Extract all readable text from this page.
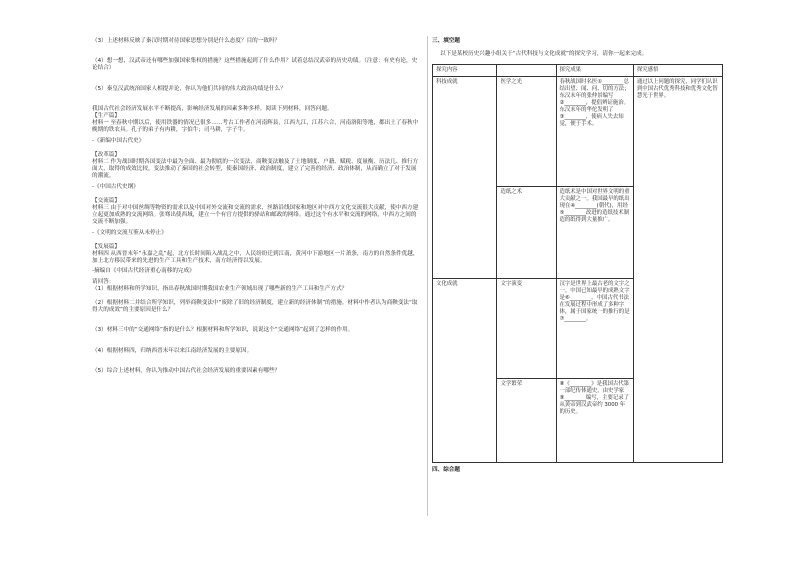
（3）上述材料反映了秦汉时期对待国家思想分别是什么态度？目的一致吗？

（4）想一想，汉武帝还有哪些加强国家集权的措施？这些措施起到了什么作用？试着总结汉武帝的历史功绩。（注意：有史有论，史论结合）

（5）秦皇汉武统治国家人相提并论，你认为他们共同的伟大政治功绩是什么？

我国古代社会经济发展水平不断提高，影响经济发展的因素多种多样。阅读下列材料，回答问题。

【生产篇】

材料一 至春秋中期以后，使用铁器的情况已很多……考古工作者在河南辉县，江西九江，江苏六合，河南洛阳等地，都出土了春秋中晚期的铁农具。孔子的弟子有冉耕，字伯牛；司马耕，字子牛。

-《新编中国古代史》

【改革篇】

材料二 作为战国时期各国变法中最为全面、最为彻底的一次变法，商鞅变法触及了土地制度、户籍、赋税、度量衡、历法几、推行方面大，取得的成效比较，变法推动了秦国的社会转型，使秦国经济、政治制度，建立了完善的经济、政治体制，从而确立了对于发展的潮流。

-《中国古代史纲》

【交流篇】

材料三 由于对中国丝绸等物资的需求以及中国对外交流和交流的需求，丝路沿线国家和地区对中西方文化交流很大贡献，使中西方建立起更加成熟的交流网络。张骞出使西域，建立一个有官方提供的驿站和邮政的网络。通过这个有水平和交流的网络，中西方之间的交流不断加强。

-《文明的交流互鉴从未停止》

【发展篇】

材料四 从西晋末年“永嘉之乱”起，北方长时间陷入战乱之中，人民纷纷迁到江南，黄河中下游地区一片萧条，南方的自然条件优越，加上北方移民带来的先进的生产工具和生产技术，南方经济得以发展。

-摘编自《中国古代经济重心南移的完成》

请回答：

（1）根据材料和所学知识，指出春秋战国时期我国农业生产领域出现了哪些新的生产工具和生产方式？

（2）根据材料二并结合所学知识，列举商鞅变法中“废除了旧的经济制度，建立新的经济体制”的措施。材料中作者认为商鞅变法“取得大的成效”的主要原因是什么？

（3）材料三中的“交通网络”指的是什么？根据材料和所学知识，说说这个“交通网络”起到了怎样的作用。

（4）根据材料四，归纳西晋末年以来江南经济发展的主要原因。

（5）综合上述材料，你认为推动中国古代社会经济发展的重要因素有哪些？

三、填空题

以下是某校历史兴趣小组关于“古代科技与文化成就”的探究学习，请你一起来完成。

探究内容		探究成果	探究感悟
科技成就	医学之光	春秋战国时名医①________总结出望、闻、问、切的方法；东汉末年的张仲景编写②________，提倡辨证施治。东汉末年的华佗发明了③________，使病人失去知觉，便于手术。	通过以上问题的探究，同学们认识到中国古代优秀科技和优秀文化智慧光于世界。
	造纸之术	造纸术是中国对世界文明的重大贡献之一。我国最早的纸出现在④________(朝代)，用经⑤________改进的造纸技术制造的纸得到大量推广。	
文化成就	文字演变	汉字是世界上最古老的文字之一。中国已知最早的成熟文字是⑥________。中国古代书法在发展过程中形成了多种字体，属于国家统一的推行的是⑦________。	
	文学繁荣	⑧《________》是我国古代第一部纪传体通史，由史学家⑨________编写，主要记录了从黄帝到汉武帝约 3000 年的历史。	

四、综合题
